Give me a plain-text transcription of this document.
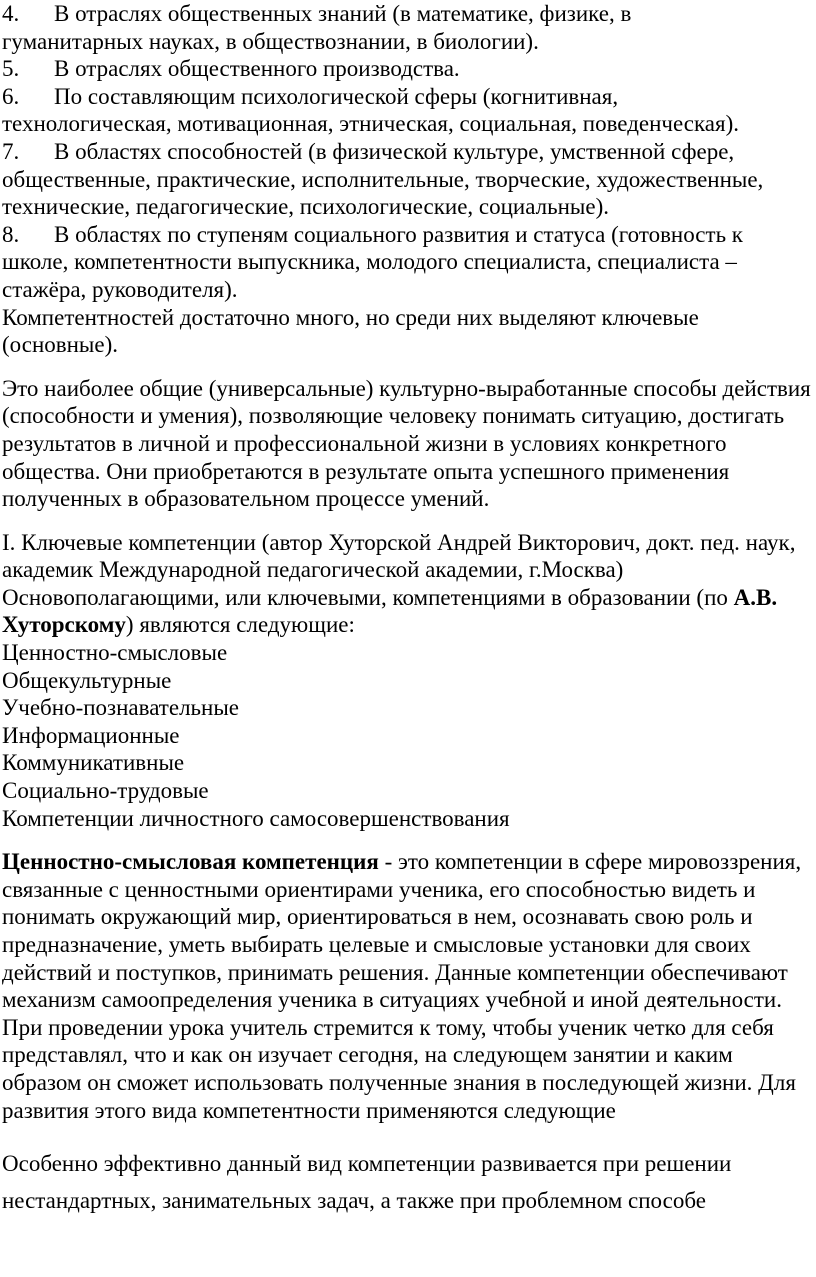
4. В отраслях общественных знаний (в математике, физике, в
гуманитарных науках, в обществознании, в биологии).
5. В отраслях общественного производства.
6. По составляющим психологической сферы (когнитивная,
технологическая, мотивационная, этническая, социальная, поведенческая).
7. В областях способностей (в физической культуре, умственной сфере,
общественные, практические, исполнительные, творческие, художественные, технические, педагогические, психологические, социальные).
8. В областях по ступеням социального развития и статуса (готовность к
школе, компетентности выпускника, молодого специалиста, специалиста – стажёра, руководителя).

Компетентностей достаточно много, но среди них выделяют ключевые (основные).

Это наиболее общие (универсальные) культурно-выработанные способы действия (способности и умения), позволяющие человеку понимать ситуацию, достигать результатов в личной и профессиональной жизни в условиях конкретного общества. Они приобретаются в результате опыта успешного применения полученных в образовательном процессе умений.

I. Ключевые компетенции (автор Хуторской Андрей Викторович, докт. пед. наук, академик Международной педагогической академии, г.Москва)

Основополагающими, или ключевыми, компетенциями в образовании (по А.В. Хуторскому) являются следующие:

Ценностно-смысловые
Общекультурные
Учебно-познавательные
Информационные
Коммуникативные
Социально-трудовые
Компетенции личностного самосовершенствования

Ценностно-смысловая компетенция - это компетенции в сфере мировоззрения, связанные с ценностными ориентирами ученика, его способностью видеть и понимать окружающий мир, ориентироваться в нем, осознавать свою роль и предназначение, уметь выбирать целевые и смысловые установки для своих действий и поступков, принимать решения. Данные компетенции обеспечивают механизм самоопределения ученика в ситуациях учебной и иной деятельности.

При проведении урока учитель стремится к тому, чтобы ученик четко для себя представлял, что и как он изучает сегодня, на следующем занятии и каким образом он сможет использовать полученные знания в последующей жизни. Для развития этого вида компетентности применяются следующие

Особенно эффективно данный вид компетенции развивается при решении нестандартных, занимательных задач, а также при проблемном способе
